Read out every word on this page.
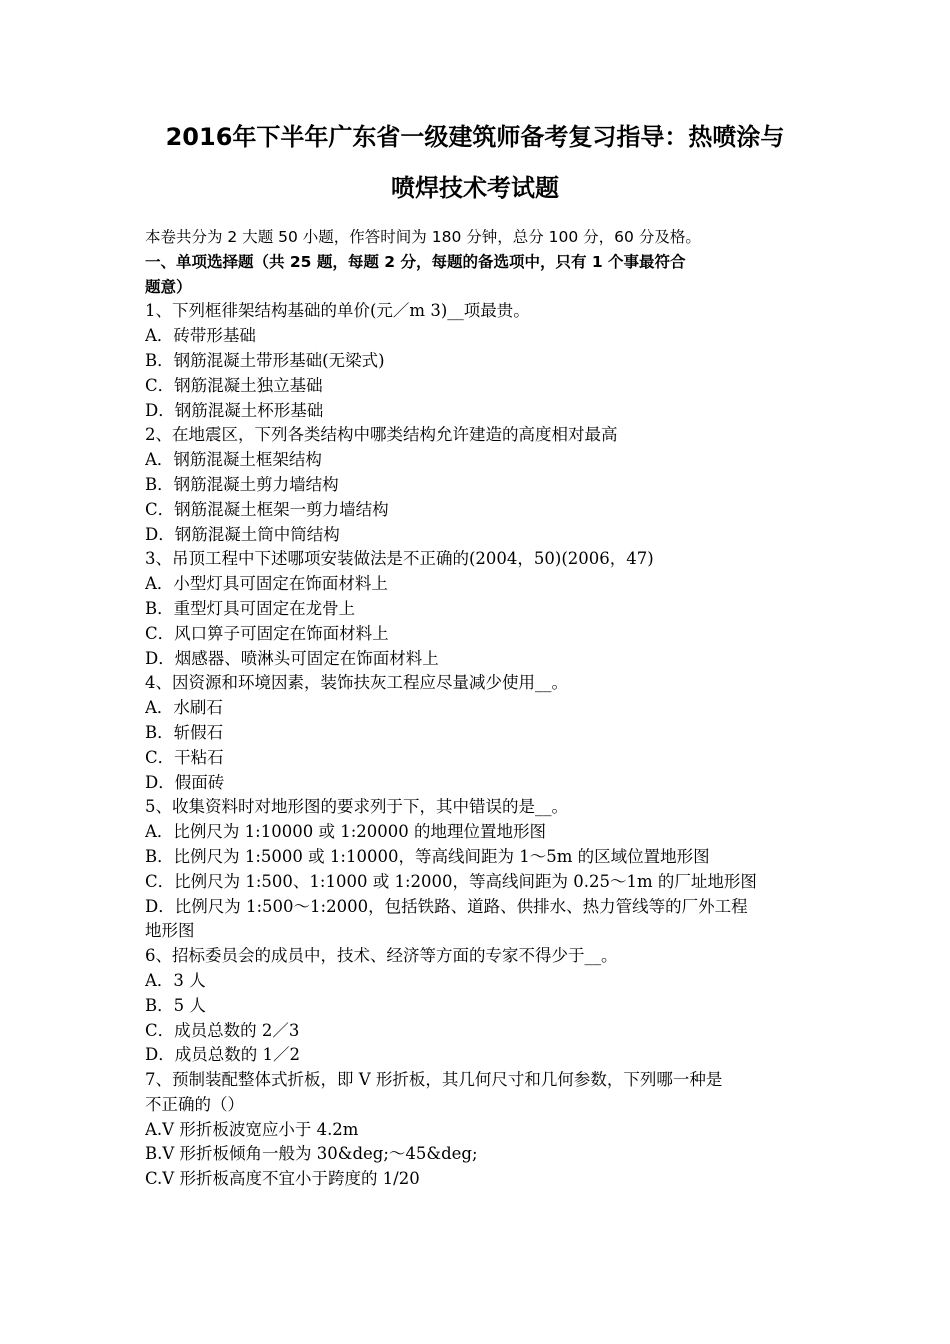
2016年下半年广东省一级建筑师备考复习指导：热喷涂与
喷焊技术考试题
本卷共分为 2 大题 50 小题，作答时间为 180 分钟，总分 100 分，60 分及格。
一、单项选择题（共 25 题，每题 2 分，每题的备选项中，只有 1 个事最符合
题意）
1、下列框徘架结构基础的单价(元／m 3)__项最贵。
A．砖带形基础
B．钢筋混凝土带形基础(无梁式)
C．钢筋混凝土独立基础
D．钢筋混凝土杯形基础
2、在地震区，下列各类结构中哪类结构允许建造的高度相对最高
A．钢筋混凝土框架结构
B．钢筋混凝土剪力墙结构
C．钢筋混凝土框架一剪力墙结构
D．钢筋混凝土筒中筒结构
3、吊顶工程中下述哪项安装做法是不正确的(2004，50)(2006，47)
A．小型灯具可固定在饰面材料上
B．重型灯具可固定在龙骨上
C．风口箅子可固定在饰面材料上
D．烟感器、喷淋头可固定在饰面材料上
4、因资源和环境因素，装饰扶灰工程应尽量减少使用__。
A．水刷石
B．斩假石
C．干粘石
D．假面砖
5、收集资料时对地形图的要求列于下，其中错误的是__。
A．比例尺为 1:10000 或 1:20000 的地理位置地形图
B．比例尺为 1:5000 或 1:10000，等高线间距为 1～5m 的区域位置地形图
C．比例尺为 1:500、1:1000 或 1:2000，等高线间距为 0.25～1m 的厂址地形图
D．比例尺为 1:500～1:2000，包括铁路、道路、供排水、热力管线等的厂外工程
地形图
6、招标委员会的成员中，技术、经济等方面的专家不得少于__。
A．3 人
B．5 人
C．成员总数的 2／3
D．成员总数的 1／2
7、预制装配整体式折板，即 V 形折板，其几何尺寸和几何参数，下列哪一种是
不正确的（）
A.V 形折板波宽应小于 4.2m
B.V 形折板倾角一般为 30&deg;～45&deg;
C.V 形折板高度不宜小于跨度的 1/20
